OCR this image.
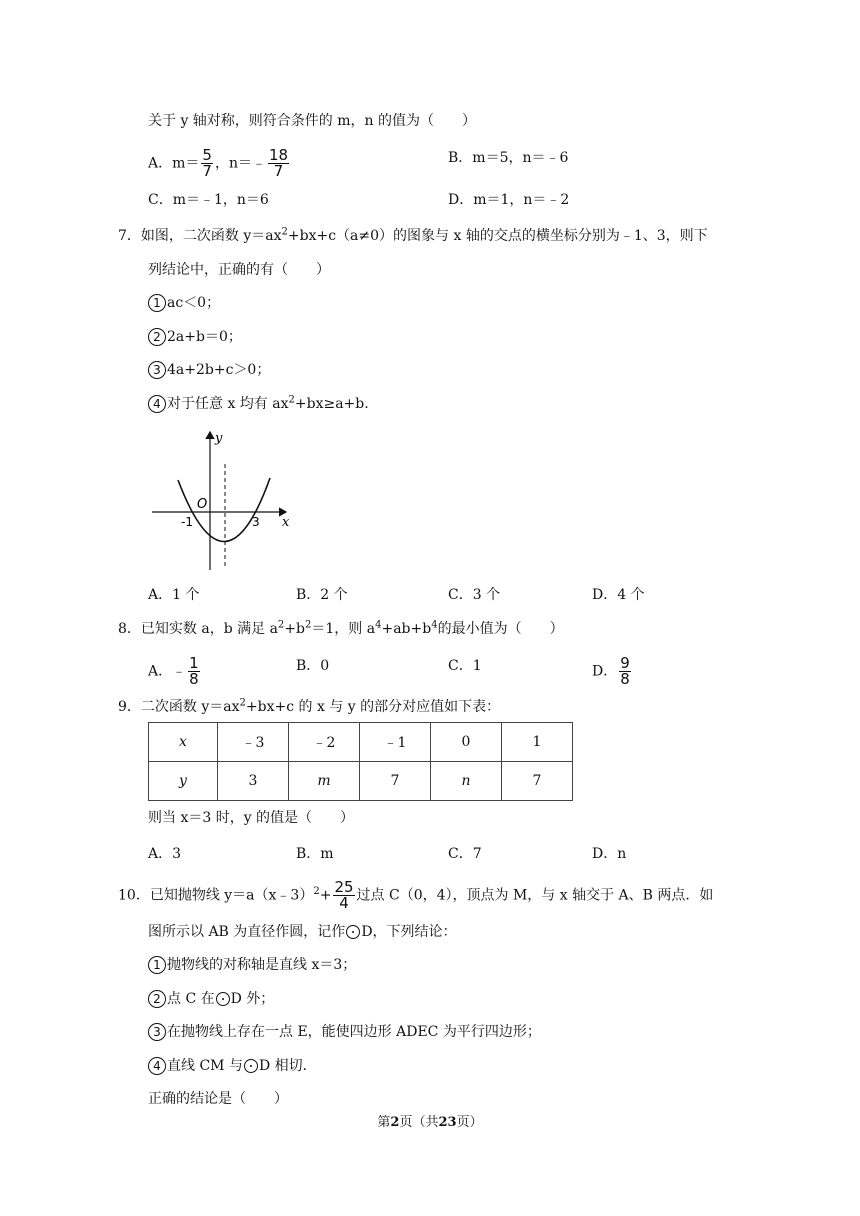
关于 y 轴对称，则符合条件的 m，n 的值为（　　）
A．$m= \frac{5}{7}$ ，n＝﹣ $\frac{18}{7}$	B．m＝5，n＝﹣6
C．m＝﹣1，n＝6	D．m＝1，n＝﹣2
7．如图，二次函数 $y=ax^2+bx+c(a\ne 0)$的图象与 x 轴的交点的横坐标分别为﹣1、3，则下
列结论中，正确的有（　　）
1 ac＜0；
2 2a+b＝0；
3 4a+2b+c＞0；
4 对于任意 x 均有 $ax^2+bx\ge a+b$.
y
x
O
-1	3
A．1 个	B．2 个	C．3 个	D．4 个
8．已知实数 a，b 满足 $a^2+b^2=1$，则 $a^4+ab+b^4$的最小值为（　　）
A．﹣ $\frac{1}{8}$	B．0	C．1	D． $\frac{9}{8}$
9．二次函数 $y=ax^2+bx+c$ 的 x 与 y 的部分对应值如下表：
x	﹣3	﹣2	﹣1	0	1
y	3	m	7	n	7
则当 x＝3 时，y 的值是（　　）
A．3	B．m	C．7	D．n
10．已知抛物线 y＝a（x﹣3）$^2$+ $\frac{25}{4}$ 过点 C（0，4），顶点为 M，与 x 轴交于 A、B 两点．如
图所示以 AB 为直径作圆，记作 D，下列结论：
1 抛物线的对称轴是直线 x＝3；
2 点 C 在 D 外；
3 在抛物线上存在一点 E，能使四边形 ADEC 为平行四边形；
4 直线 CM 与 D 相切．
正确的结论是（　　）
第2页（共23页）
